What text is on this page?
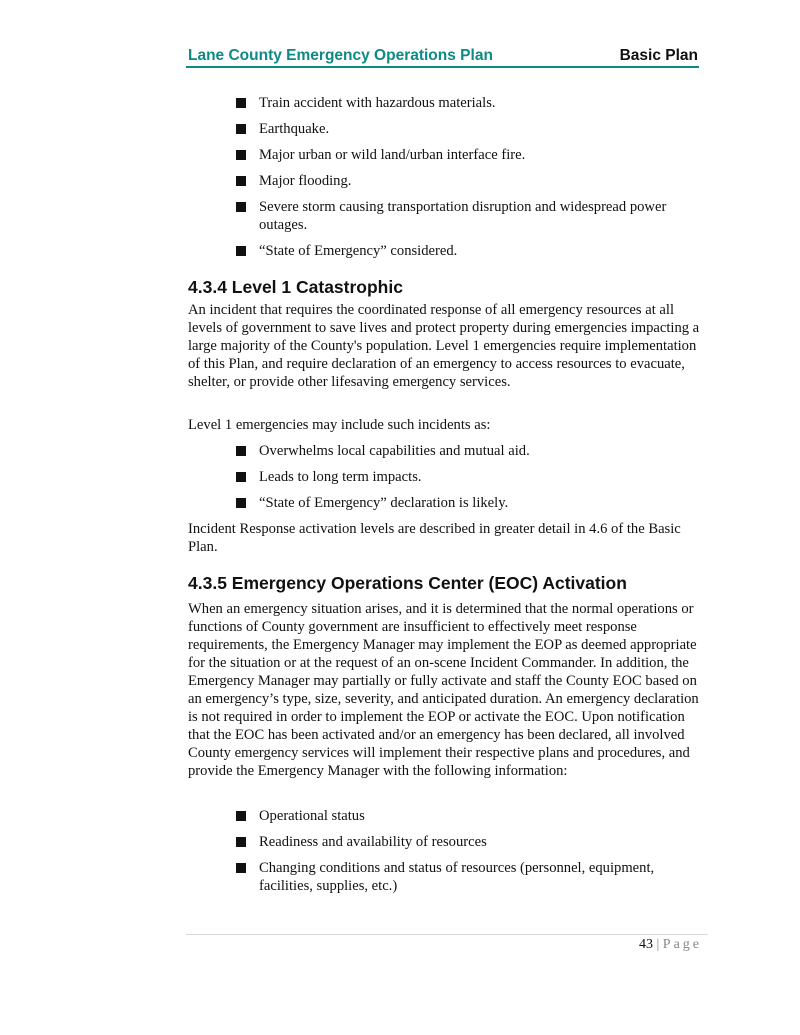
Lane County Emergency Operations Plan	Basic Plan
Train accident with hazardous materials.
Earthquake.
Major urban or wild land/urban interface fire.
Major flooding.
Severe storm causing transportation disruption and widespread power outages.
“State of Emergency” considered.
4.3.4 Level 1 Catastrophic
An incident that requires the coordinated response of all emergency resources at all levels of government to save lives and protect property during emergencies impacting a large majority of the County's population. Level 1 emergencies require implementation of this Plan, and require declaration of an emergency to access resources to evacuate, shelter, or provide other lifesaving emergency services.
Level 1 emergencies may include such incidents as:
Overwhelms local capabilities and mutual aid.
Leads to long term impacts.
“State of Emergency” declaration is likely.
Incident Response activation levels are described in greater detail in 4.6 of the Basic Plan.
4.3.5 Emergency Operations Center (EOC) Activation
When an emergency situation arises, and it is determined that the normal operations or functions of County government are insufficient to effectively meet response requirements, the Emergency Manager may implement the EOP as deemed appropriate for the situation or at the request of an on-scene Incident Commander. In addition, the Emergency Manager may partially or fully activate and staff the County EOC based on an emergency’s type, size, severity, and anticipated duration. An emergency declaration is not required in order to implement the EOP or activate the EOC. Upon notification that the EOC has been activated and/or an emergency has been declared, all involved County emergency services will implement their respective plans and procedures, and provide the Emergency Manager with the following information:
Operational status
Readiness and availability of resources
Changing conditions and status of resources (personnel, equipment, facilities, supplies, etc.)
43 | Page
